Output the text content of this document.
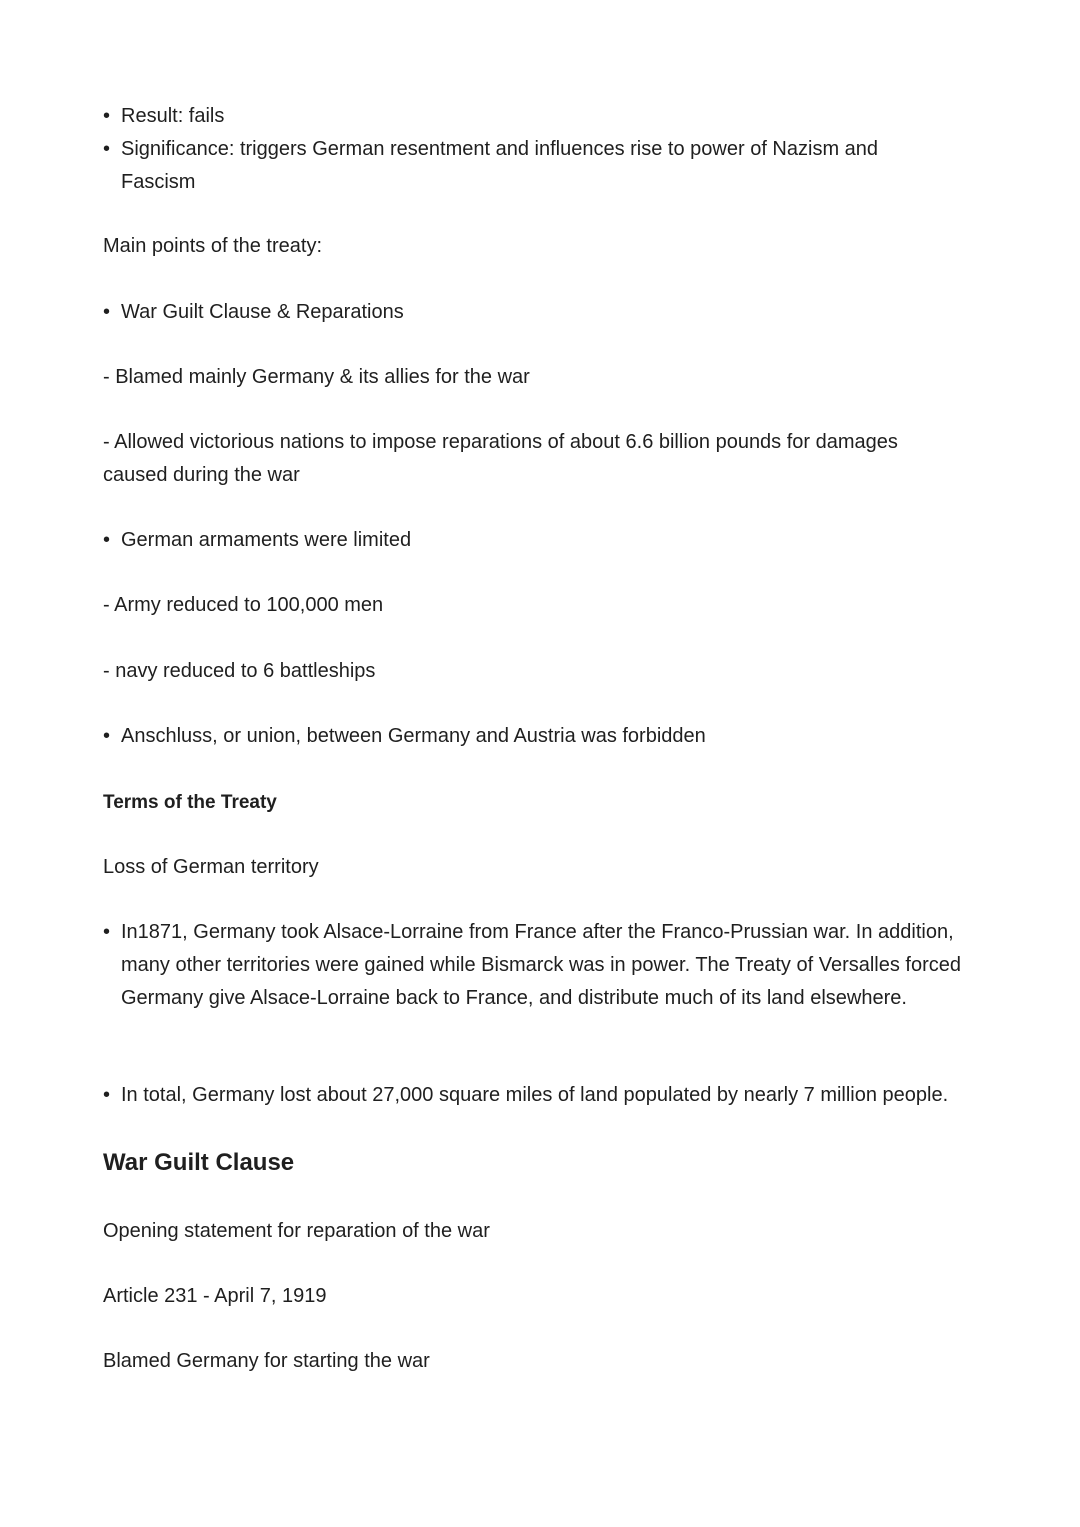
• Result: fails
• Significance: triggers German resentment and influences rise to power of Nazism and Fascism
Main points of the treaty:
• War Guilt Clause & Reparations
- Blamed mainly Germany & its allies for the war
- Allowed victorious nations to impose reparations of about 6.6 billion pounds for damages caused during the war
• German armaments were limited
- Army reduced to 100,000 men
- navy reduced to 6 battleships
• Anschluss, or union, between Germany and Austria was forbidden
Terms of the Treaty
Loss of German territory
• In1871, Germany took Alsace-Lorraine from France after the Franco-Prussian war. In addition, many other territories were gained while Bismarck was in power. The Treaty of Versalles forced Germany give Alsace-Lorraine back to France, and distribute much of its land elsewhere.
• In total, Germany lost about 27,000 square miles of land populated by nearly 7 million people.
War Guilt Clause
Opening statement for reparation of the war
Article 231 - April 7, 1919
Blamed Germany for starting the war
